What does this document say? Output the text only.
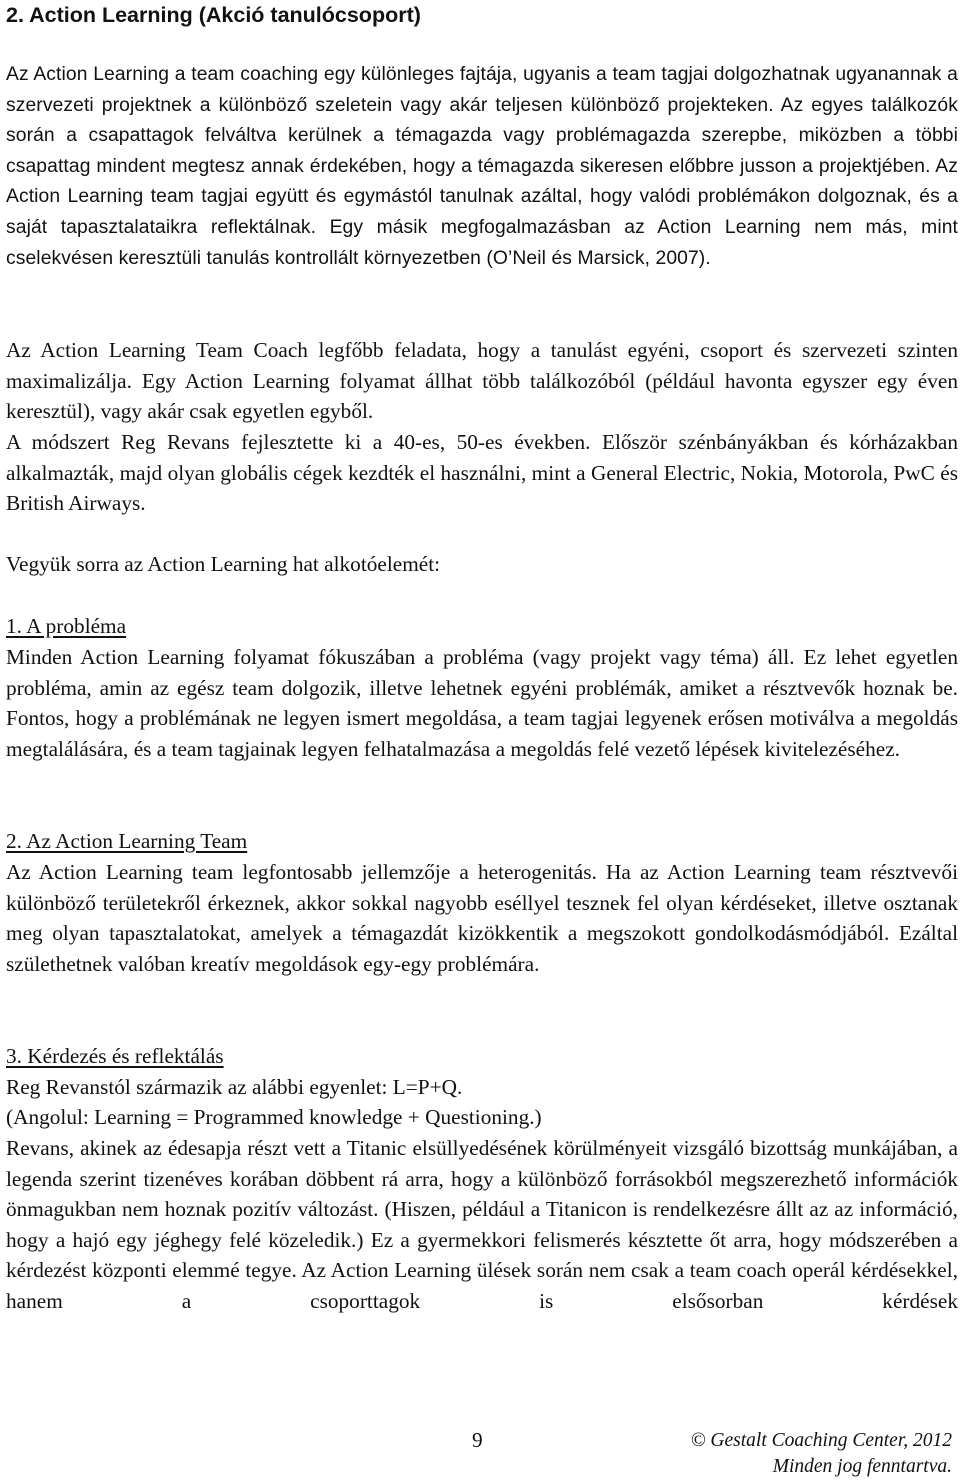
2. Action Learning (Akció tanulócsoport)

Az Action Learning a team coaching egy különleges fajtája, ugyanis a team tagjai dolgozhatnak ugyanannak a szervezeti projektnek a különböző szeletein vagy akár teljesen különböző projekteken. Az egyes találkozók során a csapattagok felváltva kerülnek a témagazda vagy problémagazda szerepbe, miközben a többi csapattag mindent megtesz annak érdekében, hogy a témagazda sikeresen előbbre jusson a projektjében. Az Action Learning team tagjai együtt és egymástól tanulnak azáltal, hogy valódi problémákon dolgoznak, és a saját tapasztalataikra reflektálnak. Egy másik megfogalmazásban az Action Learning nem más, mint cselekvésen keresztüli tanulás kontrollált környezetben (O’Neil és Marsick, 2007).

Az Action Learning Team Coach legfőbb feladata, hogy a tanulást egyéni, csoport és szervezeti szinten maximalizálja. Egy Action Learning folyamat állhat több találkozóból (például havonta egyszer egy éven keresztül), vagy akár csak egyetlen egyből.

A módszert Reg Revans fejlesztette ki a 40-es, 50-es években. Először szénbányákban és kórházakban alkalmazták, majd olyan globális cégek kezdték el használni, mint a General Electric, Nokia, Motorola, PwC és British Airways.

Vegyük sorra az Action Learning hat alkotóelemét:

1. A probléma

Minden Action Learning folyamat fókuszában a probléma (vagy projekt vagy téma) áll. Ez lehet egyetlen probléma, amin az egész team dolgozik, illetve lehetnek egyéni problémák, amiket a résztvevők hoznak be. Fontos, hogy a problémának ne legyen ismert megoldása, a team tagjai legyenek erősen motiválva a megoldás megtalálására, és a team tagjainak legyen felhatalmazása a megoldás felé vezető lépések kivitelezéséhez.

2. Az Action Learning Team

Az Action Learning team legfontosabb jellemzője a heterogenitás. Ha az Action Learning team résztvevői különböző területekről érkeznek, akkor sokkal nagyobb eséllyel tesznek fel olyan kérdéseket, illetve osztanak meg olyan tapasztalatokat, amelyek a témagazdát kizökkentik a megszokott gondolkodásmódjából. Ezáltal születhetnek valóban kreatív megoldások egy-egy problémára.

3. Kérdezés és reflektálás

Reg Revanstól származik az alábbi egyenlet: L=P+Q.

(Angolul: Learning = Programmed knowledge + Questioning.)

Revans, akinek az édesapja részt vett a Titanic elsüllyedésének körülményeit vizsgáló bizottság munkájában, a legenda szerint tizenéves korában döbbent rá arra, hogy a különböző forrásokból megszerezhető információk önmagukban nem hoznak pozitív változást. (Hiszen, például a Titanicon is rendelkezésre állt az az információ, hogy a hajó egy jéghegy felé közeledik.) Ez a gyermekkori felismerés késztette őt arra, hogy módszerében a kérdezést központi elemmé tegye. Az Action Learning ülések során nem csak a team coach operál kérdésekkel, hanem a csoporttagok is elsősorban kérdések

9	© Gestalt Coaching Center, 2012
Minden jog fenntartva.
